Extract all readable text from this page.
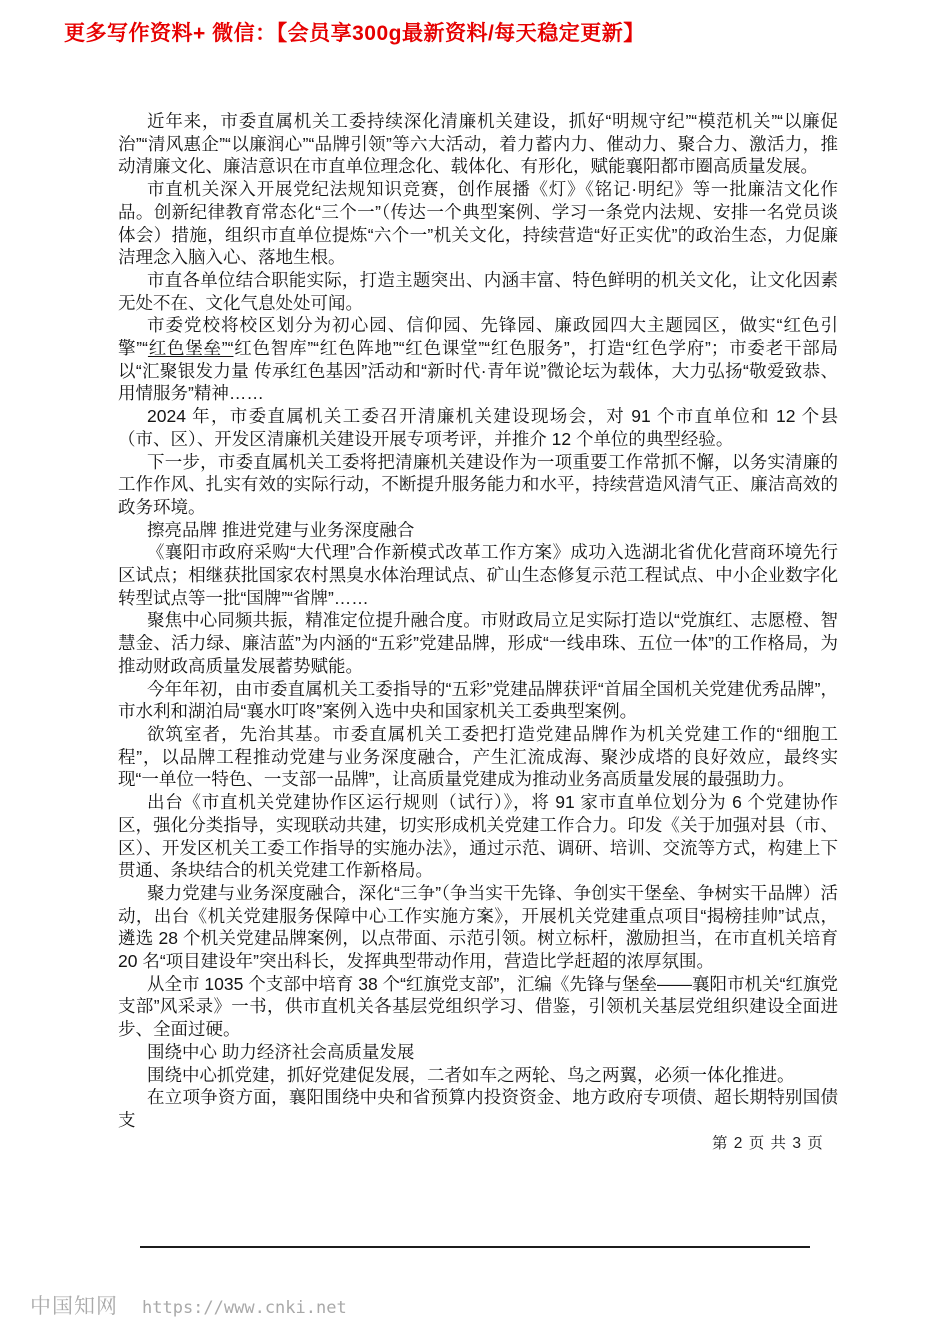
更多写作资料+ 微信：【会员享300g最新资料/每天稳定更新】

近年来，市委直属机关工委持续深化清廉机关建设，抓好“明规守纪”“模范机关”“以廉促治”“清风惠企”“以廉润心”“品牌引领”等六大活动，着力蓄内力、催动力、聚合力、激活力，推动清廉文化、廉洁意识在市直单位理念化、载体化、有形化，赋能襄阳都市圈高质量发展。

市直机关深入开展党纪法规知识竞赛，创作展播《灯》《铭记·明纪》等一批廉洁文化作品。创新纪律教育常态化“三个一”（传达一个典型案例、学习一条党内法规、安排一名党员谈体会）措施，组织市直单位提炼“六个一”机关文化，持续营造“好正实优”的政治生态，力促廉洁理念入脑入心、落地生根。

市直各单位结合职能实际，打造主题突出、内涵丰富、特色鲜明的机关文化，让文化因素无处不在、文化气息处处可闻。

市委党校将校区划分为初心园、信仰园、先锋园、廉政园四大主题园区，做实“红色引擎”“红色堡垒”“红色智库”“红色阵地”“红色课堂”“红色服务”，打造“红色学府”；市委老干部局以“汇聚银发力量 传承红色基因”活动和“新时代·青年说”微论坛为载体，大力弘扬“敬爱致恭、用情服务”精神……

2024 年，市委直属机关工委召开清廉机关建设现场会，对 91 个市直单位和 12 个县（市、区）、开发区清廉机关建设开展专项考评，并推介 12 个单位的典型经验。

下一步，市委直属机关工委将把清廉机关建设作为一项重要工作常抓不懈，以务实清廉的工作作风、扎实有效的实际行动，不断提升服务能力和水平，持续营造风清气正、廉洁高效的政务环境。

擦亮品牌 推进党建与业务深度融合

《襄阳市政府采购“大代理”合作新模式改革工作方案》成功入选湖北省优化营商环境先行区试点；相继获批国家农村黑臭水体治理试点、矿山生态修复示范工程试点、中小企业数字化转型试点等一批“国牌”“省牌”……

聚焦中心同频共振，精准定位提升融合度。市财政局立足实际打造以“党旗红、志愿橙、智慧金、活力绿、廉洁蓝”为内涵的“五彩”党建品牌，形成“一线串珠、五位一体”的工作格局，为推动财政高质量发展蓄势赋能。

今年年初，由市委直属机关工委指导的“五彩”党建品牌获评“首届全国机关党建优秀品牌”，市水利和湖泊局“襄水叮咚”案例入选中央和国家机关工委典型案例。

欲筑室者，先治其基。市委直属机关工委把打造党建品牌作为机关党建工作的“细胞工程”，以品牌工程推动党建与业务深度融合，产生汇流成海、聚沙成塔的良好效应，最终实现“一单位一特色、一支部一品牌”，让高质量党建成为推动业务高质量发展的最强助力。

出台《市直机关党建协作区运行规则（试行）》，将 91 家市直单位划分为 6 个党建协作区，强化分类指导，实现联动共建，切实形成机关党建工作合力。印发《关于加强对县（市、区）、开发区机关工委工作指导的实施办法》，通过示范、调研、培训、交流等方式，构建上下贯通、条块结合的机关党建工作新格局。

聚力党建与业务深度融合，深化“三争”（争当实干先锋、争创实干堡垒、争树实干品牌）活动，出台《机关党建服务保障中心工作实施方案》，开展机关党建重点项目“揭榜挂帅”试点，遴选 28 个机关党建品牌案例，以点带面、示范引领。树立标杆，激励担当，在市直机关培育 20 名“项目建设年”突出科长，发挥典型带动作用，营造比学赶超的浓厚氛围。

从全市 1035 个支部中培育 38 个“红旗党支部”，汇编《先锋与堡垒——襄阳市机关“红旗党支部”风采录》一书，供市直机关各基层党组织学习、借鉴，引领机关基层党组织建设全面进步、全面过硬。

围绕中心 助力经济社会高质量发展

围绕中心抓党建，抓好党建促发展，二者如车之两轮、鸟之两翼，必须一体化推进。

在立项争资方面，襄阳围绕中央和省预算内投资资金、地方政府专项债、超长期特别国债支

第 2 页 共 3 页
中国知网 https://www.cnki.net
